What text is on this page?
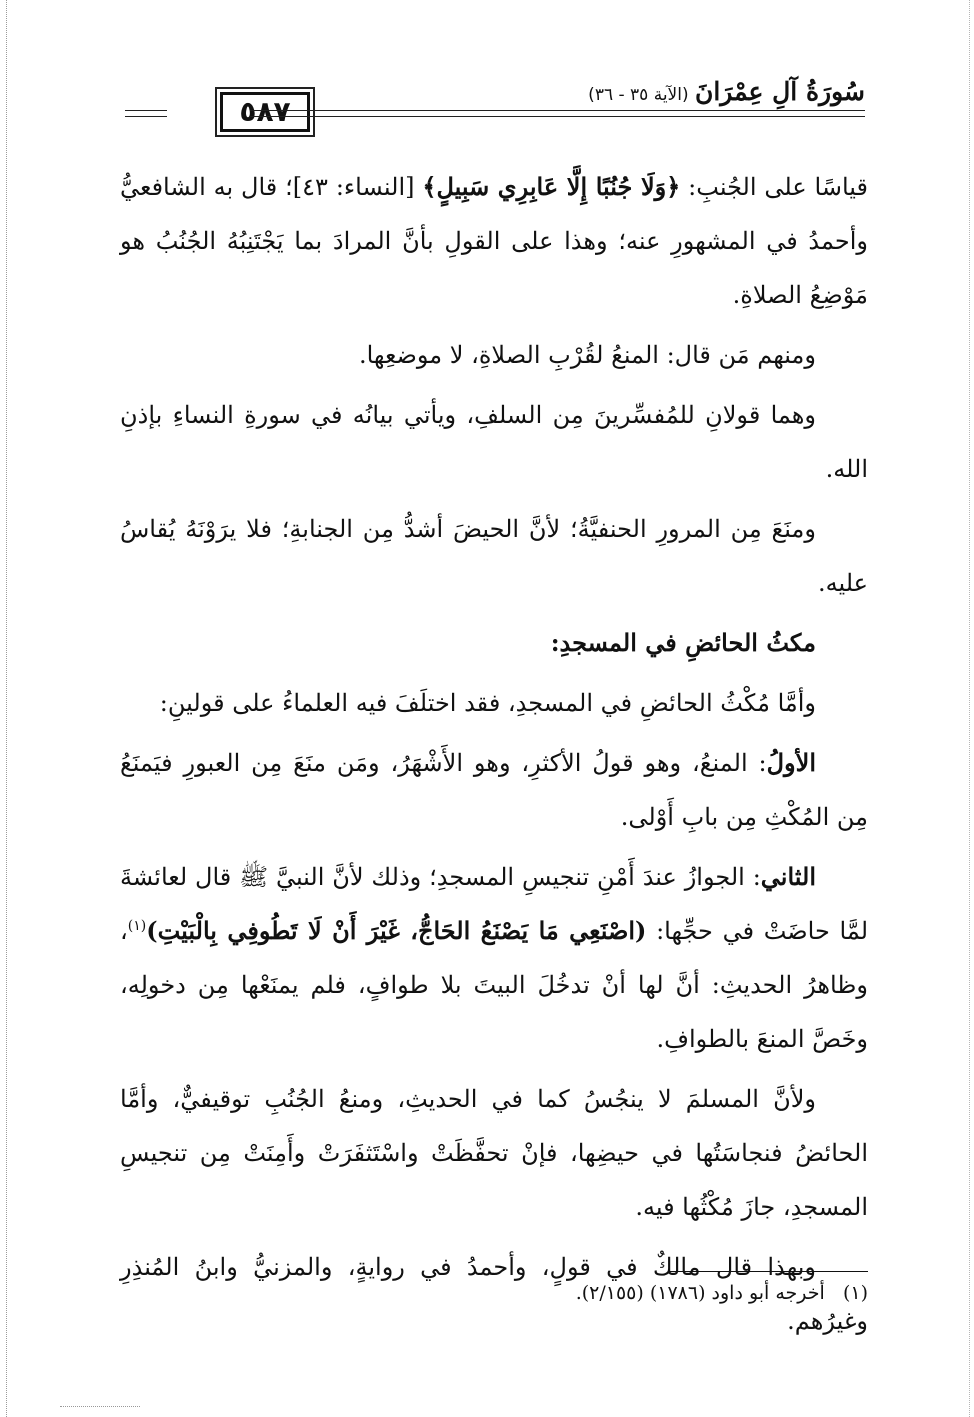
٥٨٧
سُورَةُ آلِ عِمْرَانَ (الآية ٣٥ - ٣٦)

قياسًا على الجُنبِ: ﴿وَلَا جُنُبًا إِلَّا عَابِرِي سَبِيلٍ﴾ [النساء: ٤٣]؛ قال به الشافعيُّ وأحمدُ في المشهورِ عنه؛ وهذا على القولِ بأنَّ المرادَ بما يَجْتَنِبُهُ الجُنُبُ هو مَوْضِعُ الصلاةِ.

ومنهم مَن قال: المنعُ لقُرْبِ الصلاةِ، لا موضعِها.

وهما قولانِ للمُفسِّرينَ مِن السلفِ، ويأتي بيانُه في سورةِ النساءِ بإذنِ الله.

ومنَعَ مِن المرورِ الحنفيَّةُ؛ لأنَّ الحيضَ أشدُّ مِن الجنابةِ؛ فلا يرَوْنَهُ يُقاسُ عليه.

مكثُ الحائضِ في المسجدِ:

وأمَّا مُكْثُ الحائضِ في المسجدِ، فقد اختلَفَ فيه العلماءُ على قولينِ:

الأولُ: المنعُ، وهو قولُ الأكثرِ، وهو الأَشْهَرُ، ومَن منَعَ مِن العبورِ فيَمنَعُ مِن المُكْثِ مِن بابِ أَوْلى.

الثاني: الجوازُ عندَ أَمْنِ تنجيسِ المسجدِ؛ وذلك لأنَّ النبيَّ ﷺ قال لعائشةَ لمَّا حاضَتْ في حجِّها: (اصْنَعِي مَا يَصْنَعُ الحَاجُّ، غَيْرَ أَنْ لَا تَطُوفِي بِالْبَيْتِ)$^{(١)}$، وظاهرُ الحديثِ: أنَّ لها أنْ تدخُلَ البيتَ بلا طوافٍ، فلم يمنَعْها مِن دخولِه، وخَصَّ المنعَ بالطوافِ.

ولأنَّ المسلمَ لا ينجُسُ كما في الحديثِ، ومنعُ الجُنُبِ توقيفيٌّ، وأمَّا الحائضُ فنجاسَتُها في حيضِها، فإنْ تحفَّظَتْ واسْتَثفَرَتْ وأَمِنَتْ مِن تنجيسِ المسجدِ، جازَ مُكْثُها فيه.

وبهذا قال مالكٌ في قولٍ، وأحمدُ في روايةٍ، والمزنيُّ وابنُ المُنذِرِ وغيرُهم.

(١)   أخرجه أبو داود (١٧٨٦) (٢/١٥٥).
